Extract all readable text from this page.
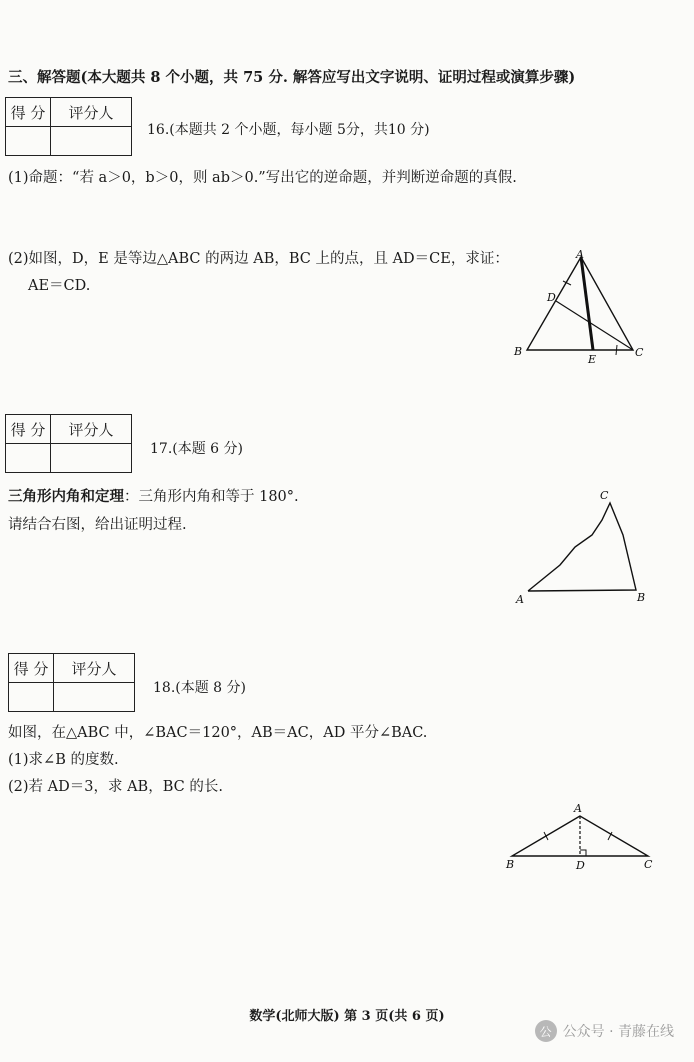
三、解答题(本大题共 8 个小题，共 75 分. 解答应写出文字说明、证明过程或演算步骤)
得 分	评分人

16.(本题共 2 个小题，每小题 5分，共10 分)
(1)命题：“若 a＞0，b＞0，则 ab＞0.”写出它的逆命题，并判断逆命题的真假.
(2)如图，D，E 是等边△ABC 的两边 AB，BC 上的点，且 AD＝CE，求证：
AE＝CD.
A
B	C
D
E
得 分	评分人

17.(本题 6 分)
三角形内角和定理：三角形内角和等于 180°.
请结合右图，给出证明过程.
C
A	B
得 分	评分人

18.(本题 8 分)
如图，在△ABC 中，∠BAC＝120°，AB＝AC，AD 平分∠BAC.
(1)求∠B 的度数.
(2)若 AD＝3，求 AB，BC 的长.
A
B	C
D
数学(北师大版) 第 3 页(共 6 页)
公 公众号 · 青藤在线
